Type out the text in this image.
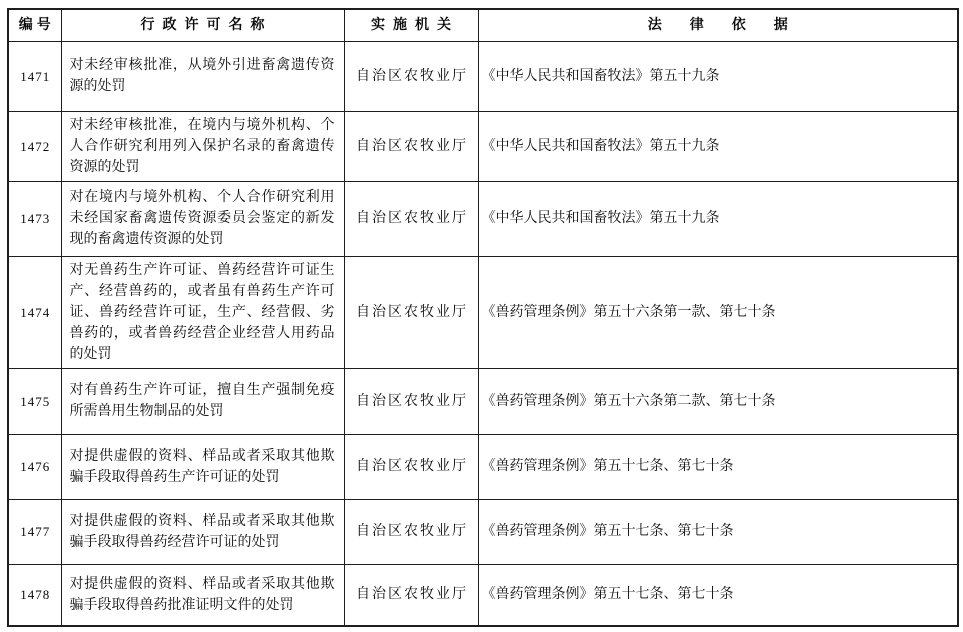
编号	行政许可名称	实施机关	法律依据
1471	对未经审核批准，从境外引进畜禽遗传资源的处罚	自治区农牧业厅	《中华人民共和国畜牧法》第五十九条
1472	对未经审核批准，在境内与境外机构、个人合作研究利用列入保护名录的畜禽遗传资源的处罚	自治区农牧业厅	《中华人民共和国畜牧法》第五十九条
1473	对在境内与境外机构、个人合作研究利用未经国家畜禽遗传资源委员会鉴定的新发现的畜禽遗传资源的处罚	自治区农牧业厅	《中华人民共和国畜牧法》第五十九条
1474	对无兽药生产许可证、兽药经营许可证生产、经营兽药的，或者虽有兽药生产许可证、兽药经营许可证，生产、经营假、劣兽药的，或者兽药经营企业经营人用药品的处罚	自治区农牧业厅	《兽药管理条例》第五十六条第一款、第七十条
1475	对有兽药生产许可证，擅自生产强制免疫所需兽用生物制品的处罚	自治区农牧业厅	《兽药管理条例》第五十六条第二款、第七十条
1476	对提供虚假的资料、样品或者采取其他欺骗手段取得兽药生产许可证的处罚	自治区农牧业厅	《兽药管理条例》第五十七条、第七十条
1477	对提供虚假的资料、样品或者采取其他欺骗手段取得兽药经营许可证的处罚	自治区农牧业厅	《兽药管理条例》第五十七条、第七十条
1478	对提供虚假的资料、样品或者采取其他欺骗手段取得兽药批准证明文件的处罚	自治区农牧业厅	《兽药管理条例》第五十七条、第七十条
